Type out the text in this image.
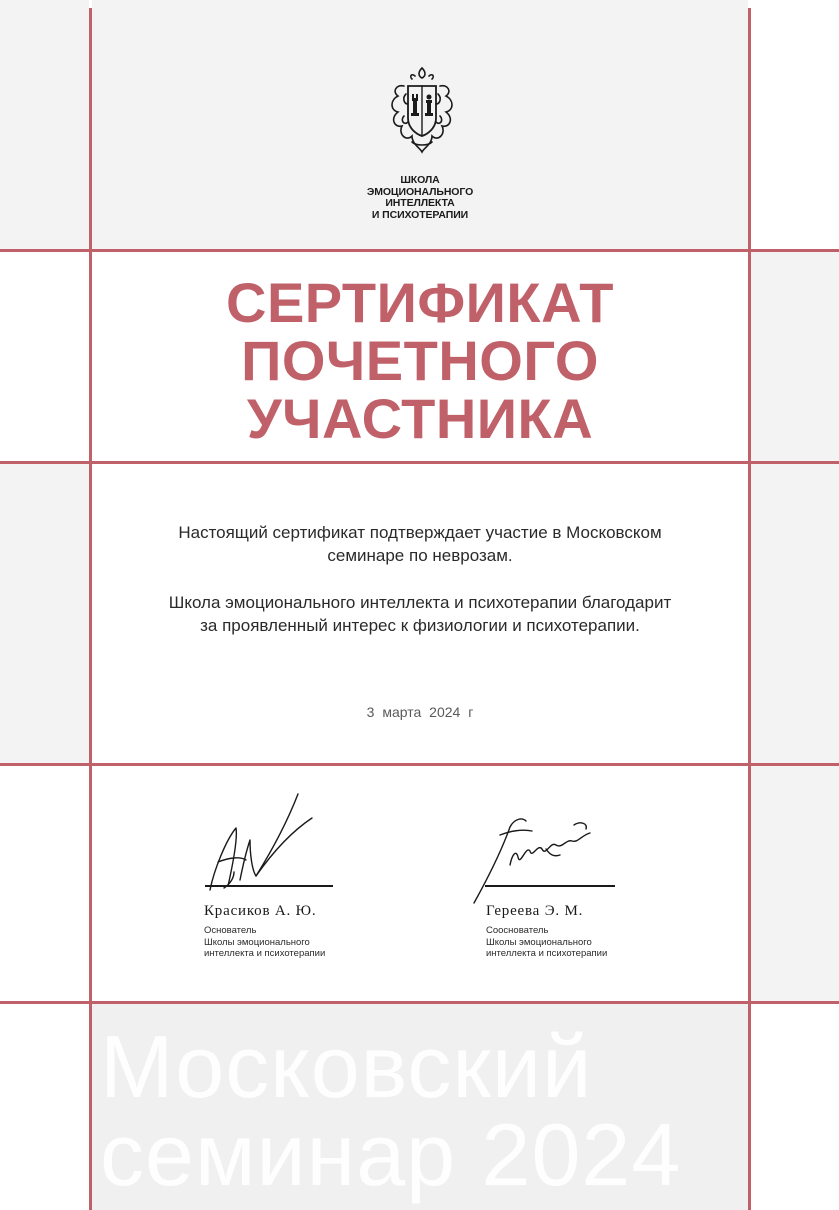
ШКОЛА
ЭМОЦИОНАЛЬНОГО
ИНТЕЛЛЕКТА
И ПСИХОТЕРАПИИ
СЕРТИФИКАТ
ПОЧЕТНОГО
УЧАСТНИКА
Настоящий сертификат подтверждает участие в Московском
семинаре по неврозам.
Школа эмоционального интеллекта и психотерапии благодарит
за проявленный интерес к физиологии и психотерапии.
3 марта 2024 г
Красиков А. Ю.
Основатель
Школы эмоционального
интеллекта и психотерапии
Гереева Э. М.
Сооснователь
Школы эмоционального
интеллекта и психотерапии
Московский
семинар 2024
